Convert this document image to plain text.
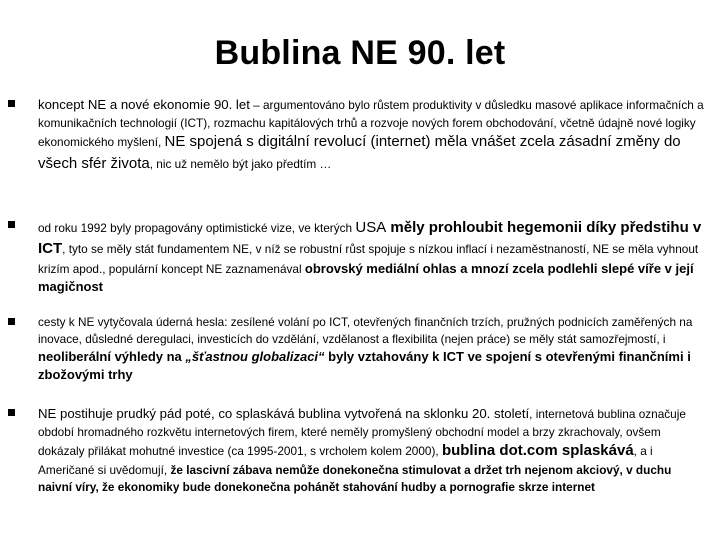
Bublina NE 90. let
koncept NE a nové ekonomie 90. let – argumentováno bylo růstem produktivity v důsledku masové aplikace informačních a komunikačních technologií (ICT), rozmachu kapitálových trhů a rozvoje nových forem obchodování, včetně údajně nové logiky ekonomického myšlení, NE spojená s digitální revolucí (internet) měla vnášet zcela zásadní změny do všech sfér života, nic už nemělo být jako předtím …
od roku 1992 byly propagovány optimistické vize, ve kterých USA měly prohloubit hegemonii díky předstihu v ICT, tyto se měly stát fundamentem NE, v níž se robustní růst spojuje s nízkou inflací i nezaměstnaností, NE se měla vyhnout krizím apod., populární koncept NE zaznamenával obrovský mediální ohlas a mnozí zcela podlehli slepé víře v její magičnost
cesty k NE vytyčovala úderná hesla: zesílené volání po ICT, otevřených finančních trzích, pružných podnicích zaměřených na inovace, důsledné deregulaci, investicích do vzdělání, vzdělanost a flexibilita (nejen práce) se měly stát samozřejmostí, i neoliberální výhledy na „šťastnou globalizaci“ byly vztahovány k ICT ve spojení s otevřenými finančními i zbožovými trhy
NE postihuje prudký pád poté, co splaskává bublina vytvořená na sklonku 20. století, internetová bublina označuje období hromadného rozkvětu internetových firem, které neměly promyšlený obchodní model a brzy zkrachovaly, ovšem dokázaly přilákat mohutné investice (ca 1995-2001, s vrcholem kolem 2000), bublina dot.com splaskává, a i Američané si uvědomují, že lascivní zábava nemůže donekonečna stimulovat a držet trh nejenom akciový, v duchu naivní víry, že ekonomiky bude donekonečna pohánět stahování hudby a pornografie skrze internet
